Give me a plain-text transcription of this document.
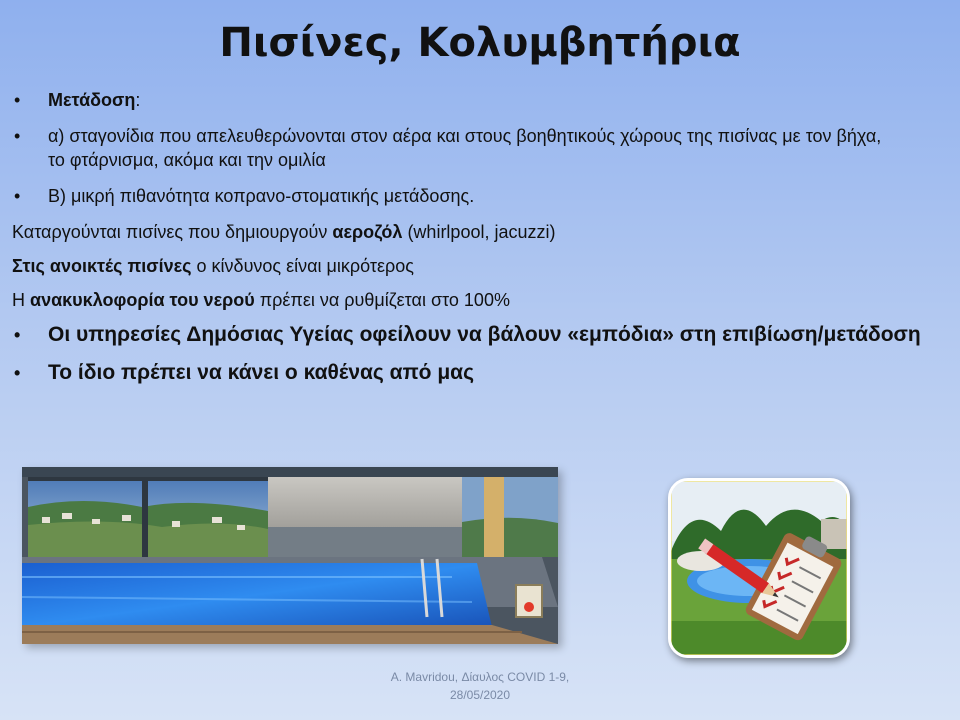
Πισίνες, Κολυμβητήρια
• Μετάδοση:
• α) σταγονίδια που απελευθερώνονται στον αέρα και στους βοηθητικούς χώρους της πισίνας με τον βήχα, το φτάρνισμα, ακόμα και την ομιλία
• Β) μικρή πιθανότητα κοπρανο-στοματικής μετάδοσης.
Καταργούνται πισίνες που δημιουργούν αεροζόλ (whirlpool, jacuzzi)
Στις ανοικτές πισίνες ο κίνδυνος είναι μικρότερος
Η ανακυκλοφορία του νερού πρέπει να ρυθμίζεται στο 100%
• Οι υπηρεσίες Δημόσιας Υγείας οφείλουν να βάλουν «εμπόδια» στη επιβίωση/μετάδοση
• Το ίδιο πρέπει να κάνει ο καθένας από μας
A. Mavridou, Δίαυλος COVID 1-9,
28/05/2020
